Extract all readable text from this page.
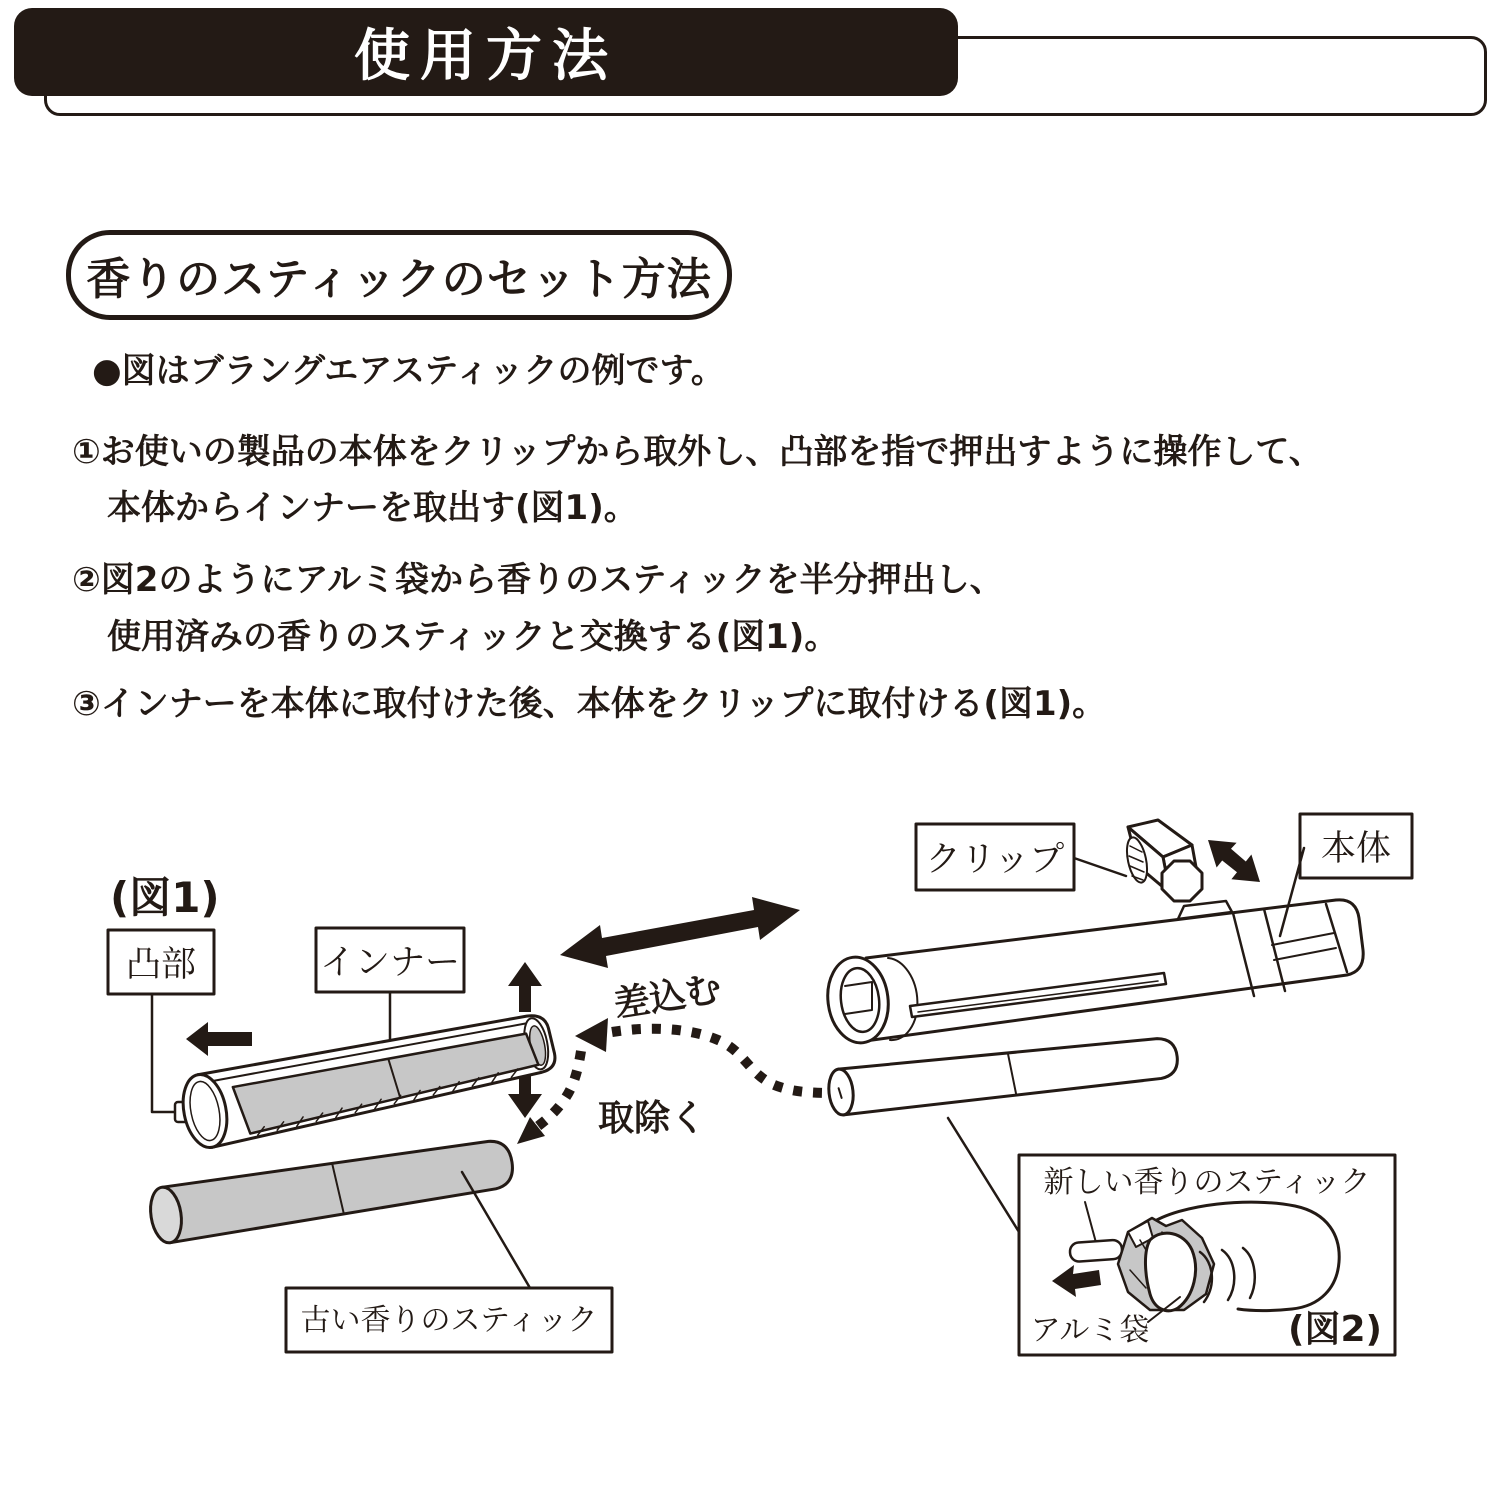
使用方法
香りのスティックのセット方法
●図はブラングエアスティックの例です。
①お使いの製品の本体をクリップから取外し、凸部を指で押出すように操作して、
本体からインナーを取出す(図1)。
②図2のようにアルミ袋から香りのスティックを半分押出し、
使用済みの香りのスティックと交換する(図1)。
③インナーを本体に取付けた後、本体をクリップに取付ける(図1)。
(図1)
凸部	インナー
差込む
取除く
古い香りのスティック
本体
クリップ
新しい香りのスティック
アルミ袋	(図2)
